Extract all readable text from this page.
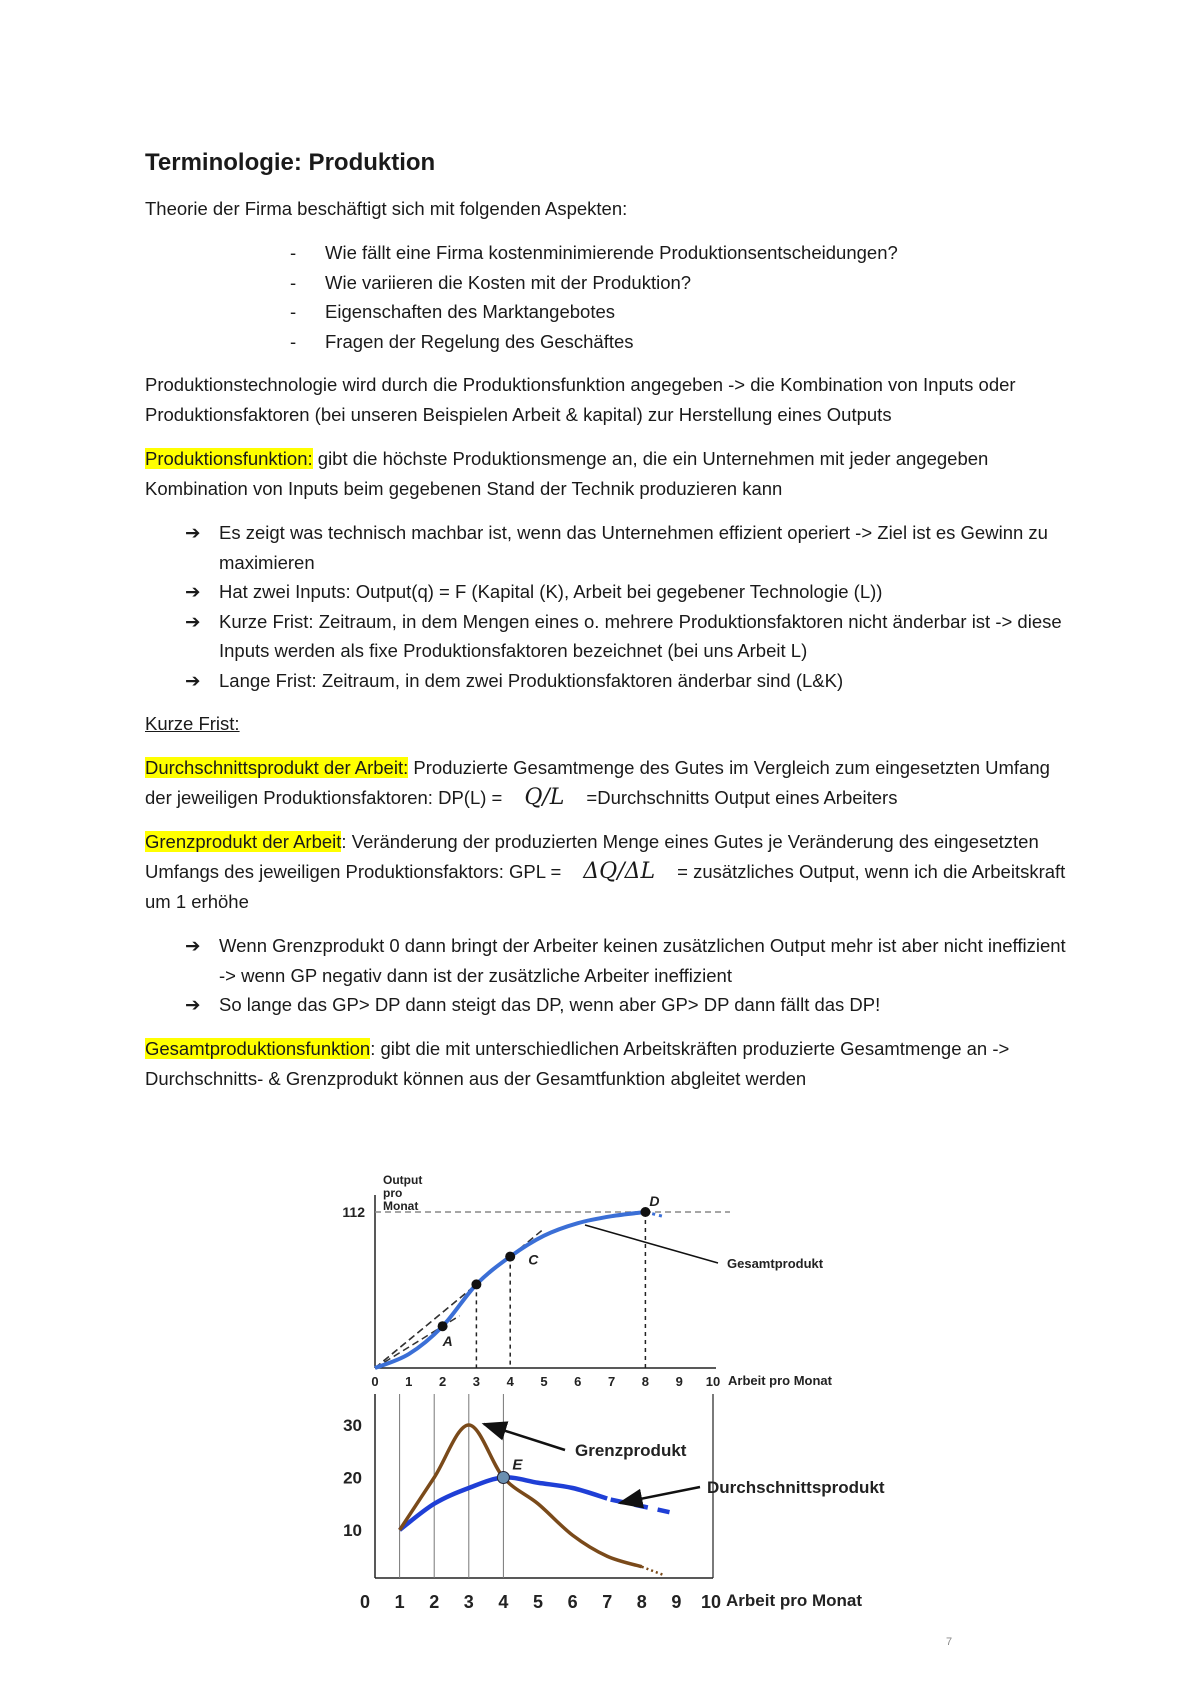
Terminologie: Produktion

Theorie der Firma beschäftigt sich mit folgenden Aspekten:

- Wie fällt eine Firma kostenminimierende Produktionsentscheidungen?
- Wie variieren die Kosten mit der Produktion?
- Eigenschaften des Marktangebotes
- Fragen der Regelung des Geschäftes

Produktionstechnologie wird durch die Produktionsfunktion angegeben -> die Kombination von Inputs oder Produktionsfaktoren (bei unseren Beispielen Arbeit & kapital) zur Herstellung eines Outputs

Produktionsfunktion: gibt die höchste Produktionsmenge an, die ein Unternehmen mit jeder angegeben Kombination von Inputs beim gegebenen Stand der Technik produzieren kann

➔ Es zeigt was technisch machbar ist, wenn das Unternehmen effizient operiert -> Ziel ist es Gewinn zu maximieren
➔ Hat zwei Inputs: Output(q) = F (Kapital (K), Arbeit bei gegebener Technologie (L))
➔ Kurze Frist: Zeitraum, in dem Mengen eines o. mehrere Produktionsfaktoren nicht änderbar ist -> diese Inputs werden als fixe Produktionsfaktoren bezeichnet (bei uns Arbeit L)
➔ Lange Frist: Zeitraum, in dem zwei Produktionsfaktoren änderbar sind (L&K)

Kurze Frist:

Durchschnittsprodukt der Arbeit: Produzierte Gesamtmenge des Gutes im Vergleich zum eingesetzten Umfang der jeweiligen Produktionsfaktoren: DP(L) = Q/L =Durchschnitts Output eines Arbeiters

Grenzprodukt der Arbeit: Veränderung der produzierten Menge eines Gutes je Veränderung des eingesetzten Umfangs des jeweiligen Produktionsfaktors: GPL = ΔQ/ΔL = zusätzliches Output, wenn ich die Arbeitskraft um 1 erhöhe

➔ Wenn Grenzprodukt 0 dann bringt der Arbeiter keinen zusätzlichen Output mehr ist aber nicht ineffizient -> wenn GP negativ dann ist der zusätzliche Arbeiter ineffizient
➔ So lange das GP> DP dann steigt das DP, wenn aber GP> DP dann fällt das DP!

Gesamtproduktionsfunktion: gibt die mit unterschiedlichen Arbeitskräften produzierte Gesamtmenge an -> Durchschnitts- & Grenzprodukt können aus der Gesamtfunktion abgleitet werden

Output
pro
Monat
112
0 1 2 3 4 5 6 7 8 9 10 Arbeit pro Monat
A
C
D
Gesamtprodukt
10
20
30
0 1 2 3 4 5 6 7 8 9 10 Arbeit pro Monat
E
Grenzprodukt
Durchschnittsprodukt
7
